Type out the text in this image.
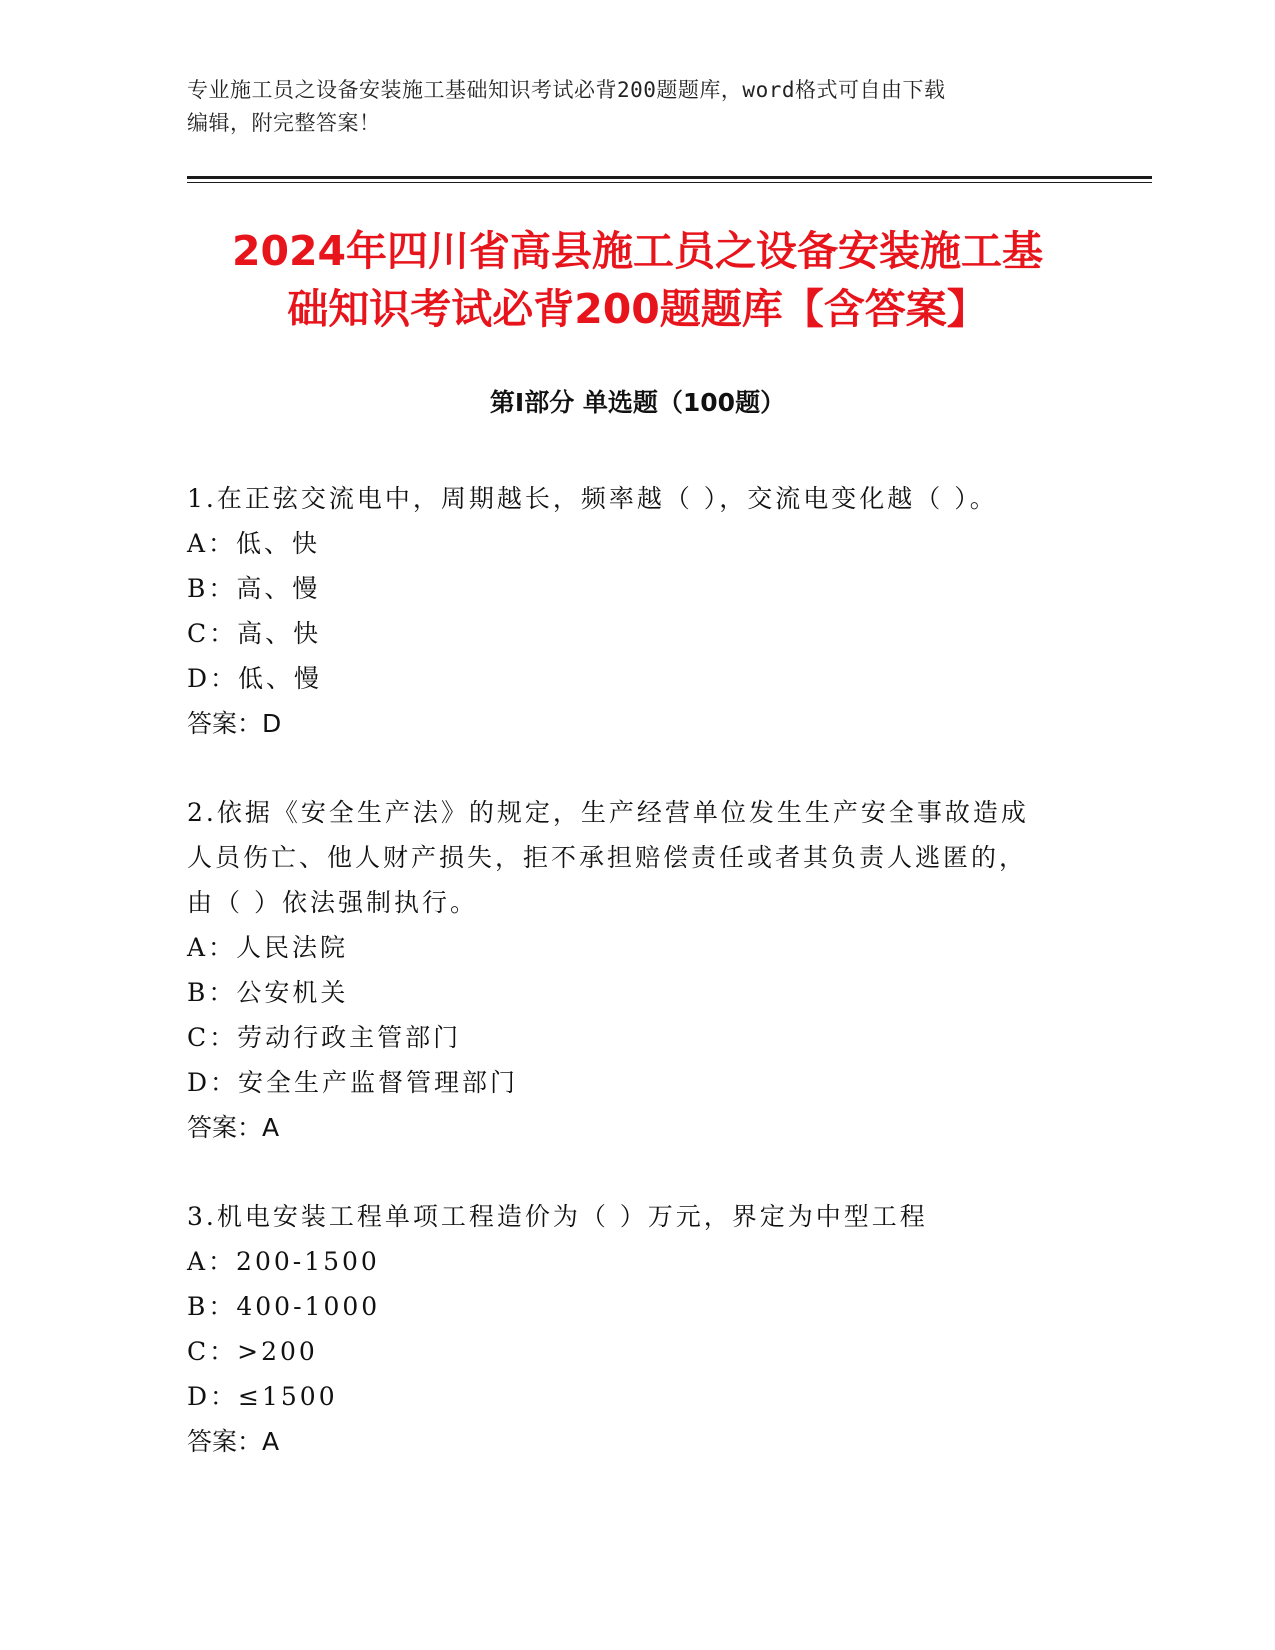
专业施工员之设备安装施工基础知识考试必背200题题库，word格式可自由下载
编辑，附完整答案！
2024年四川省高县施工员之设备安装施工基
础知识考试必背200题题库【含答案】
第Ⅰ部分 单选题（100题）
1.在正弦交流电中，周期越长，频率越（ ），交流电变化越（ ）。
A：低、快
B：高、慢
C：高、快
D：低、慢
答案：D
2.依据《安全生产法》的规定，生产经营单位发生生产安全事故造成
人员伤亡、他人财产损失，拒不承担赔偿责任或者其负责人逃匿的，
由（ ）依法强制执行。
A：人民法院
B：公安机关
C：劳动行政主管部门
D：安全生产监督管理部门
答案：A
3.机电安装工程单项工程造价为（ ）万元，界定为中型工程
A：200-1500
B：400-1000
C：>200
D：≤1500
答案：A
